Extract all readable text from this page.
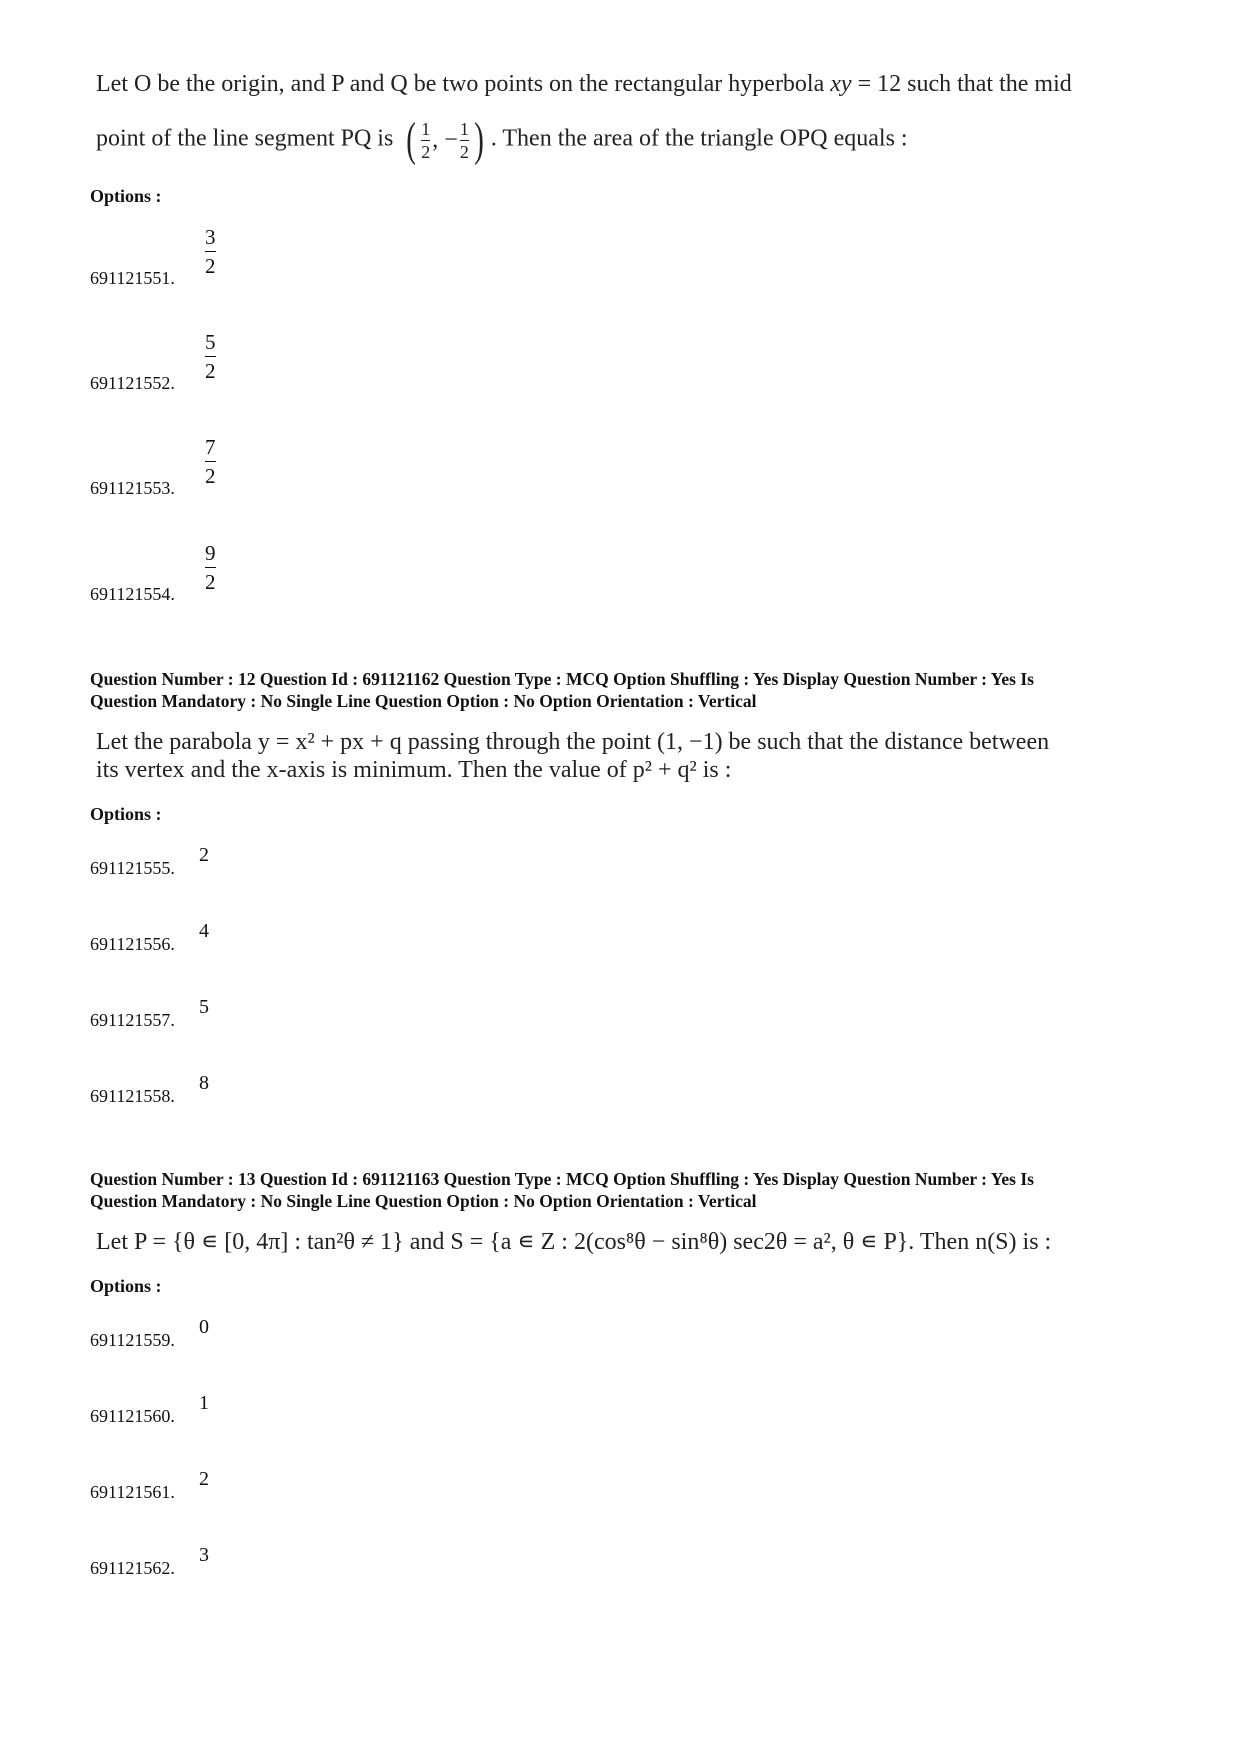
Let O be the origin, and P and Q be two points on the rectangular hyperbola xy = 12 such that the mid
point of the line segment PQ is ( 1
2 , − 1
2 ) . Then the area of the triangle OPQ equals :
Options :
691121551.
3
2
691121552.
5
2
691121553.
7
2
691121554.
9
2
Question Number : 12 Question Id : 691121162 Question Type : MCQ Option Shuffling : Yes Display Question Number : Yes Is
Question Mandatory : No Single Line Question Option : No Option Orientation : Vertical
Let the parabola y = x² + px + q passing through the point (1, −1) be such that the distance between
its vertex and the x-axis is minimum. Then the value of p² + q² is :
Options :
691121555.
2
691121556.
4
691121557.
5
691121558.
8
Question Number : 13 Question Id : 691121163 Question Type : MCQ Option Shuffling : Yes Display Question Number : Yes Is
Question Mandatory : No Single Line Question Option : No Option Orientation : Vertical
Let P = {θ ∊ [0, 4π] : tan²θ ≠ 1} and S = {a ∊ Z : 2(cos⁸θ − sin⁸θ) sec2θ = a², θ ∊ P}. Then n(S) is :
Options :
691121559.
0
691121560.
1
691121561.
2
691121562.
3
